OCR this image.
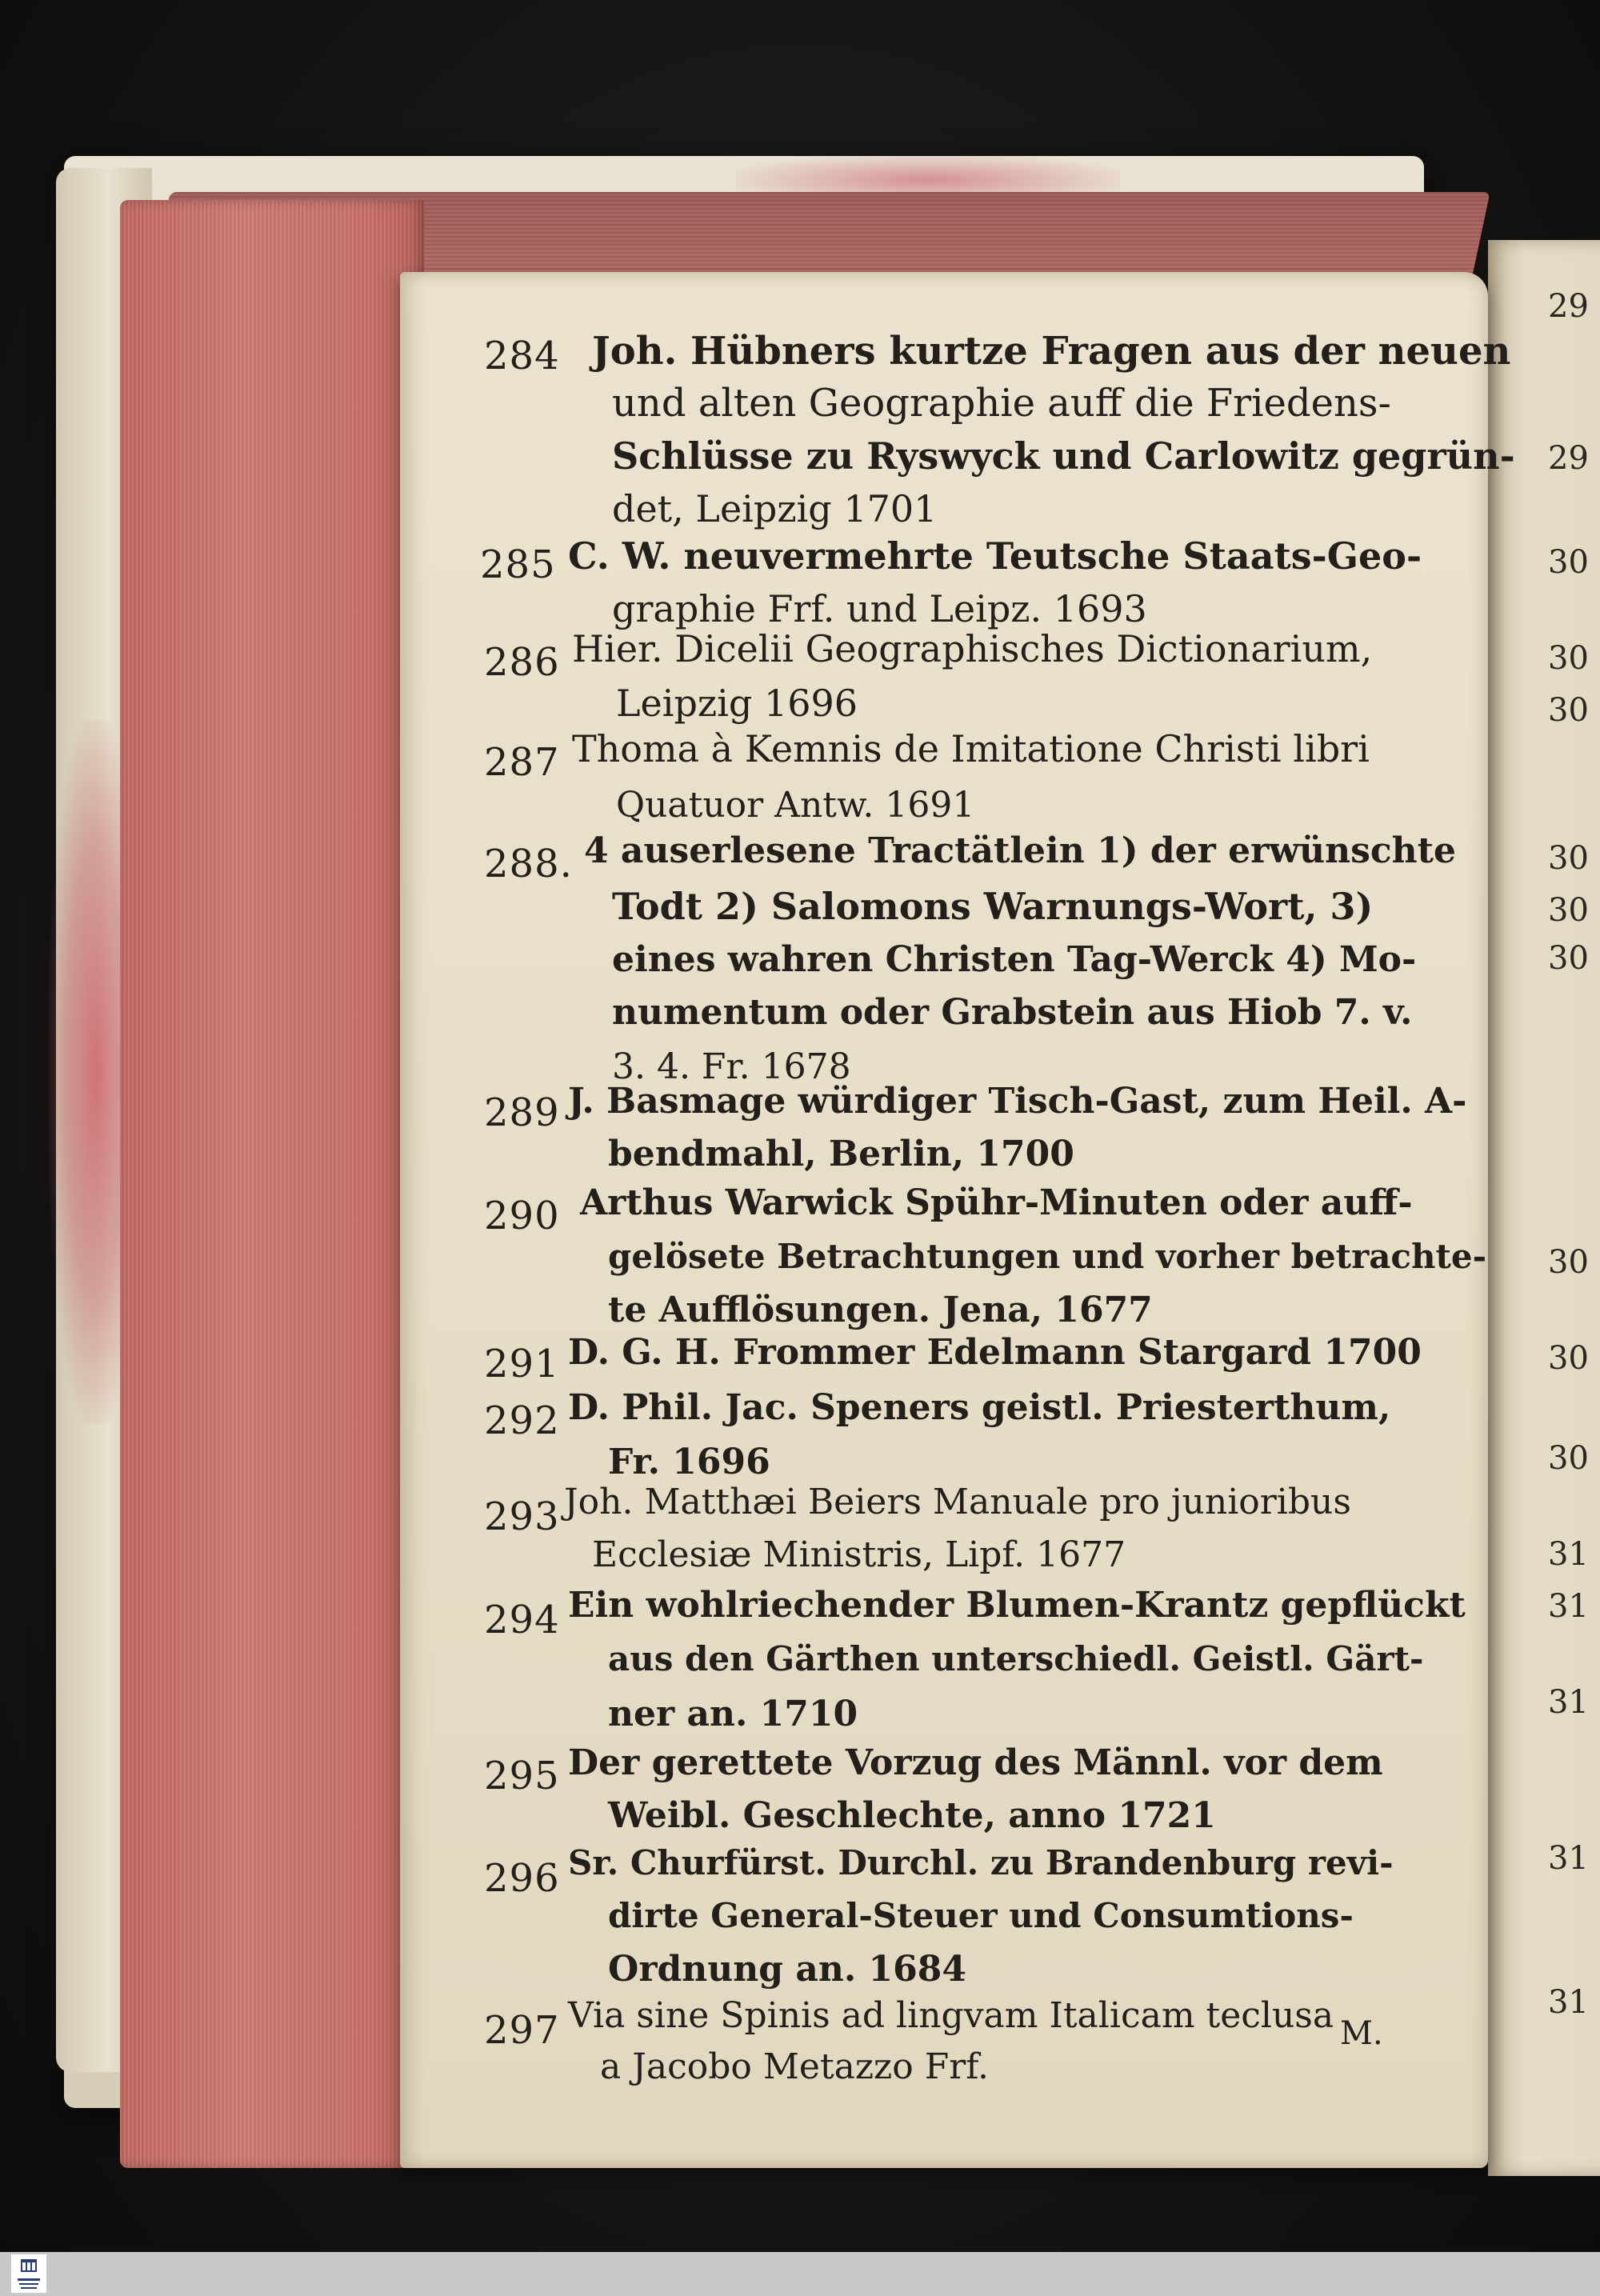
284 Joh. Hübners kurtze Fragen aus der neuen
und alten Geographie auff die Friedens-
Schlüsse zu Ryswyck und Carlowitz gegrün-
det, Leipzig 1701
285 C. W. neuvermehrte Teutsche Staats-Geo-
graphie Frf. und Leipz. 1693
286 Hier. Dicelii Geographisches Dictionarium,
Leipzig 1696
287 Thoma à Kemnis de Imitatione Christi libri
Quatuor Antw. 1691
288. 4 auserlesene Tractätlein 1) der erwünschte
Todt 2) Salomons Warnungs-Wort, 3)
eines wahren Christen Tag-Werck 4) Mo-
numentum oder Grabstein aus Hiob 7. v.
3. 4. Fr. 1678
289 J. Basmage würdiger Tisch-Gast, zum Heil. A-
bendmahl, Berlin, 1700
290 Arthus Warwick Spühr-Minuten oder auff-
gelösete Betrachtungen und vorher betrachte-
te Aufflösungen. Jena, 1677
291 D. G. H. Frommer Edelmann Stargard 1700
292 D. Phil. Jac. Speners geistl. Priesterthum,
Fr. 1696
293 Joh. Matthæi Beiers Manuale pro junioribus
Ecclesiæ Ministris, Lipf. 1677
294 Ein wohlriechender Blumen-Krantz gepflückt
aus den Gärthen unterschiedl. Geistl. Gärt-
ner an. 1710
295 Der gerettete Vorzug des Männl. vor dem
Weibl. Geschlechte, anno 1721
296 Sr. Churfürst. Durchl. zu Brandenburg revi-
dirte General-Steuer und Consumtions-
Ordnung an. 1684
297 Via sine Spinis ad lingvam Italicam teclusa
a Jacobo Metazzo Frf.
M.
29
29
30
30
30
30
30
30
30
30
30
31
31
31
31
31
